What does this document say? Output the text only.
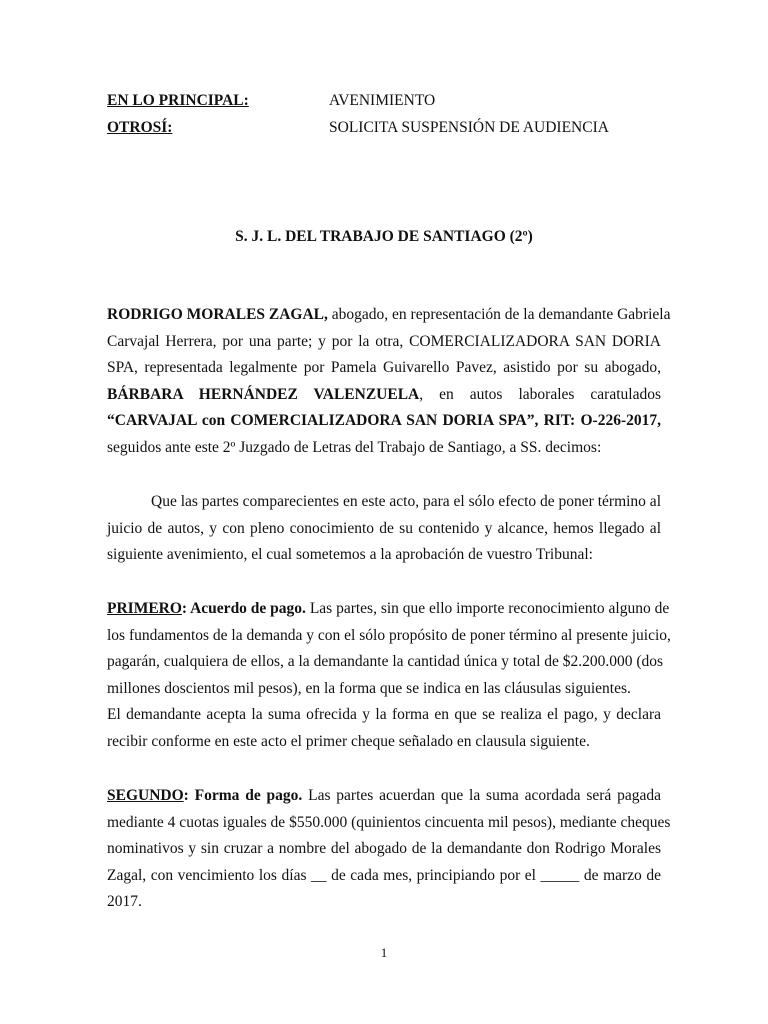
EN LO PRINCIPAL:	AVENIMIENTO
OTROSÍ:	SOLICITA SUSPENSIÓN DE AUDIENCIA
S. J. L. DEL TRABAJO DE SANTIAGO (2º)
RODRIGO MORALES ZAGAL, abogado, en representación de la demandante Gabriela
Carvajal Herrera, por una parte; y por la otra, COMERCIALIZADORA SAN DORIA
SPA, representada legalmente por Pamela Guivarello Pavez, asistido por su abogado,
BÁRBARA HERNÁNDEZ VALENZUELA, en autos laborales caratulados
“CARVAJAL con COMERCIALIZADORA SAN DORIA SPA”, RIT: O-226-2017,
seguidos ante este 2º Juzgado de Letras del Trabajo de Santiago, a SS. decimos:
Que las partes comparecientes en este acto, para el sólo efecto de poner término al
juicio de autos, y con pleno conocimiento de su contenido y alcance, hemos llegado al
siguiente avenimiento, el cual sometemos a la aprobación de vuestro Tribunal:
PRIMERO: Acuerdo de pago. Las partes, sin que ello importe reconocimiento alguno de
los fundamentos de la demanda y con el sólo propósito de poner término al presente juicio,
pagarán, cualquiera de ellos, a la demandante la cantidad única y total de $2.200.000 (dos
millones doscientos mil pesos), en la forma que se indica en las cláusulas siguientes.
El demandante acepta la suma ofrecida y la forma en que se realiza el pago, y declara
recibir conforme en este acto el primer cheque señalado en clausula siguiente.
SEGUNDO: Forma de pago. Las partes acuerdan que la suma acordada será pagada
mediante 4 cuotas iguales de $550.000 (quinientos cincuenta mil pesos), mediante cheques
nominativos y sin cruzar a nombre del abogado de la demandante don Rodrigo Morales
Zagal, con vencimiento los días __ de cada mes, principiando por el _____ de marzo de
2017.
1
